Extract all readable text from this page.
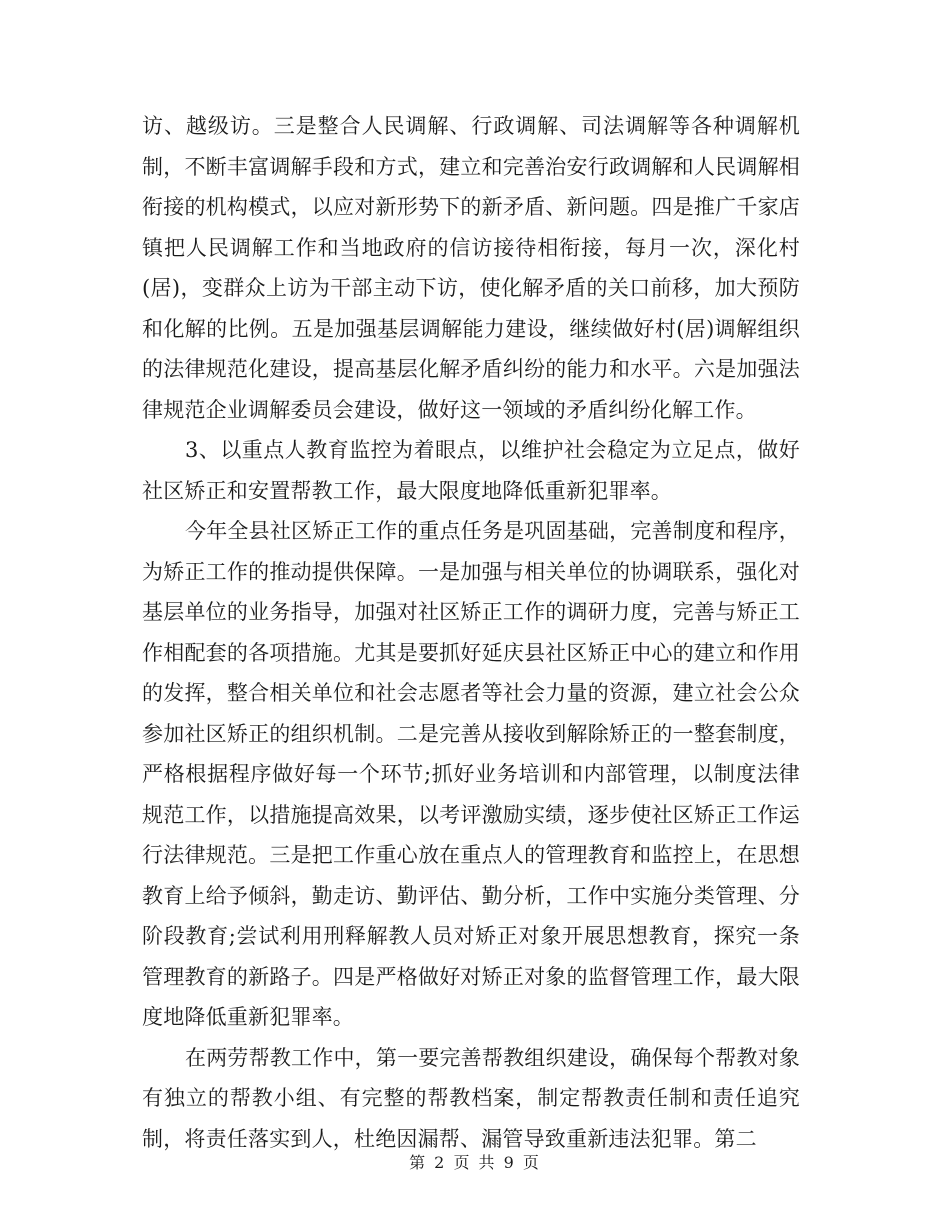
访、越级访。三是整合人民调解、行政调解、司法调解等各种调解机制，不断丰富调解手段和方式，建立和完善治安行政调解和人民调解相衔接的机构模式，以应对新形势下的新矛盾、新问题。四是推广千家店镇把人民调解工作和当地政府的信访接待相衔接，每月一次，深化村(居)，变群众上访为干部主动下访，使化解矛盾的关口前移，加大预防和化解的比例。五是加强基层调解能力建设，继续做好村(居)调解组织的法律规范化建设，提高基层化解矛盾纠纷的能力和水平。六是加强法律规范企业调解委员会建设，做好这一领域的矛盾纠纷化解工作。

3、以重点人教育监控为着眼点，以维护社会稳定为立足点，做好社区矫正和安置帮教工作，最大限度地降低重新犯罪率。

今年全县社区矫正工作的重点任务是巩固基础，完善制度和程序，为矫正工作的推动提供保障。一是加强与相关单位的协调联系，强化对基层单位的业务指导，加强对社区矫正工作的调研力度，完善与矫正工作相配套的各项措施。尤其是要抓好延庆县社区矫正中心的建立和作用的发挥，整合相关单位和社会志愿者等社会力量的资源，建立社会公众参加社区矫正的组织机制。二是完善从接收到解除矫正的一整套制度，严格根据程序做好每一个环节;抓好业务培训和内部管理，以制度法律规范工作，以措施提高效果，以考评激励实绩，逐步使社区矫正工作运行法律规范。三是把工作重心放在重点人的管理教育和监控上，在思想教育上给予倾斜，勤走访、勤评估、勤分析，工作中实施分类管理、分阶段教育;尝试利用刑释解教人员对矫正对象开展思想教育，探究一条管理教育的新路子。四是严格做好对矫正对象的监督管理工作，最大限度地降低重新犯罪率。

在两劳帮教工作中，第一要完善帮教组织建设，确保每个帮教对象有独立的帮教小组、有完整的帮教档案，制定帮教责任制和责任追究制，将责任落实到人，杜绝因漏帮、漏管导致重新违法犯罪。第二

第 2 页 共 9 页
